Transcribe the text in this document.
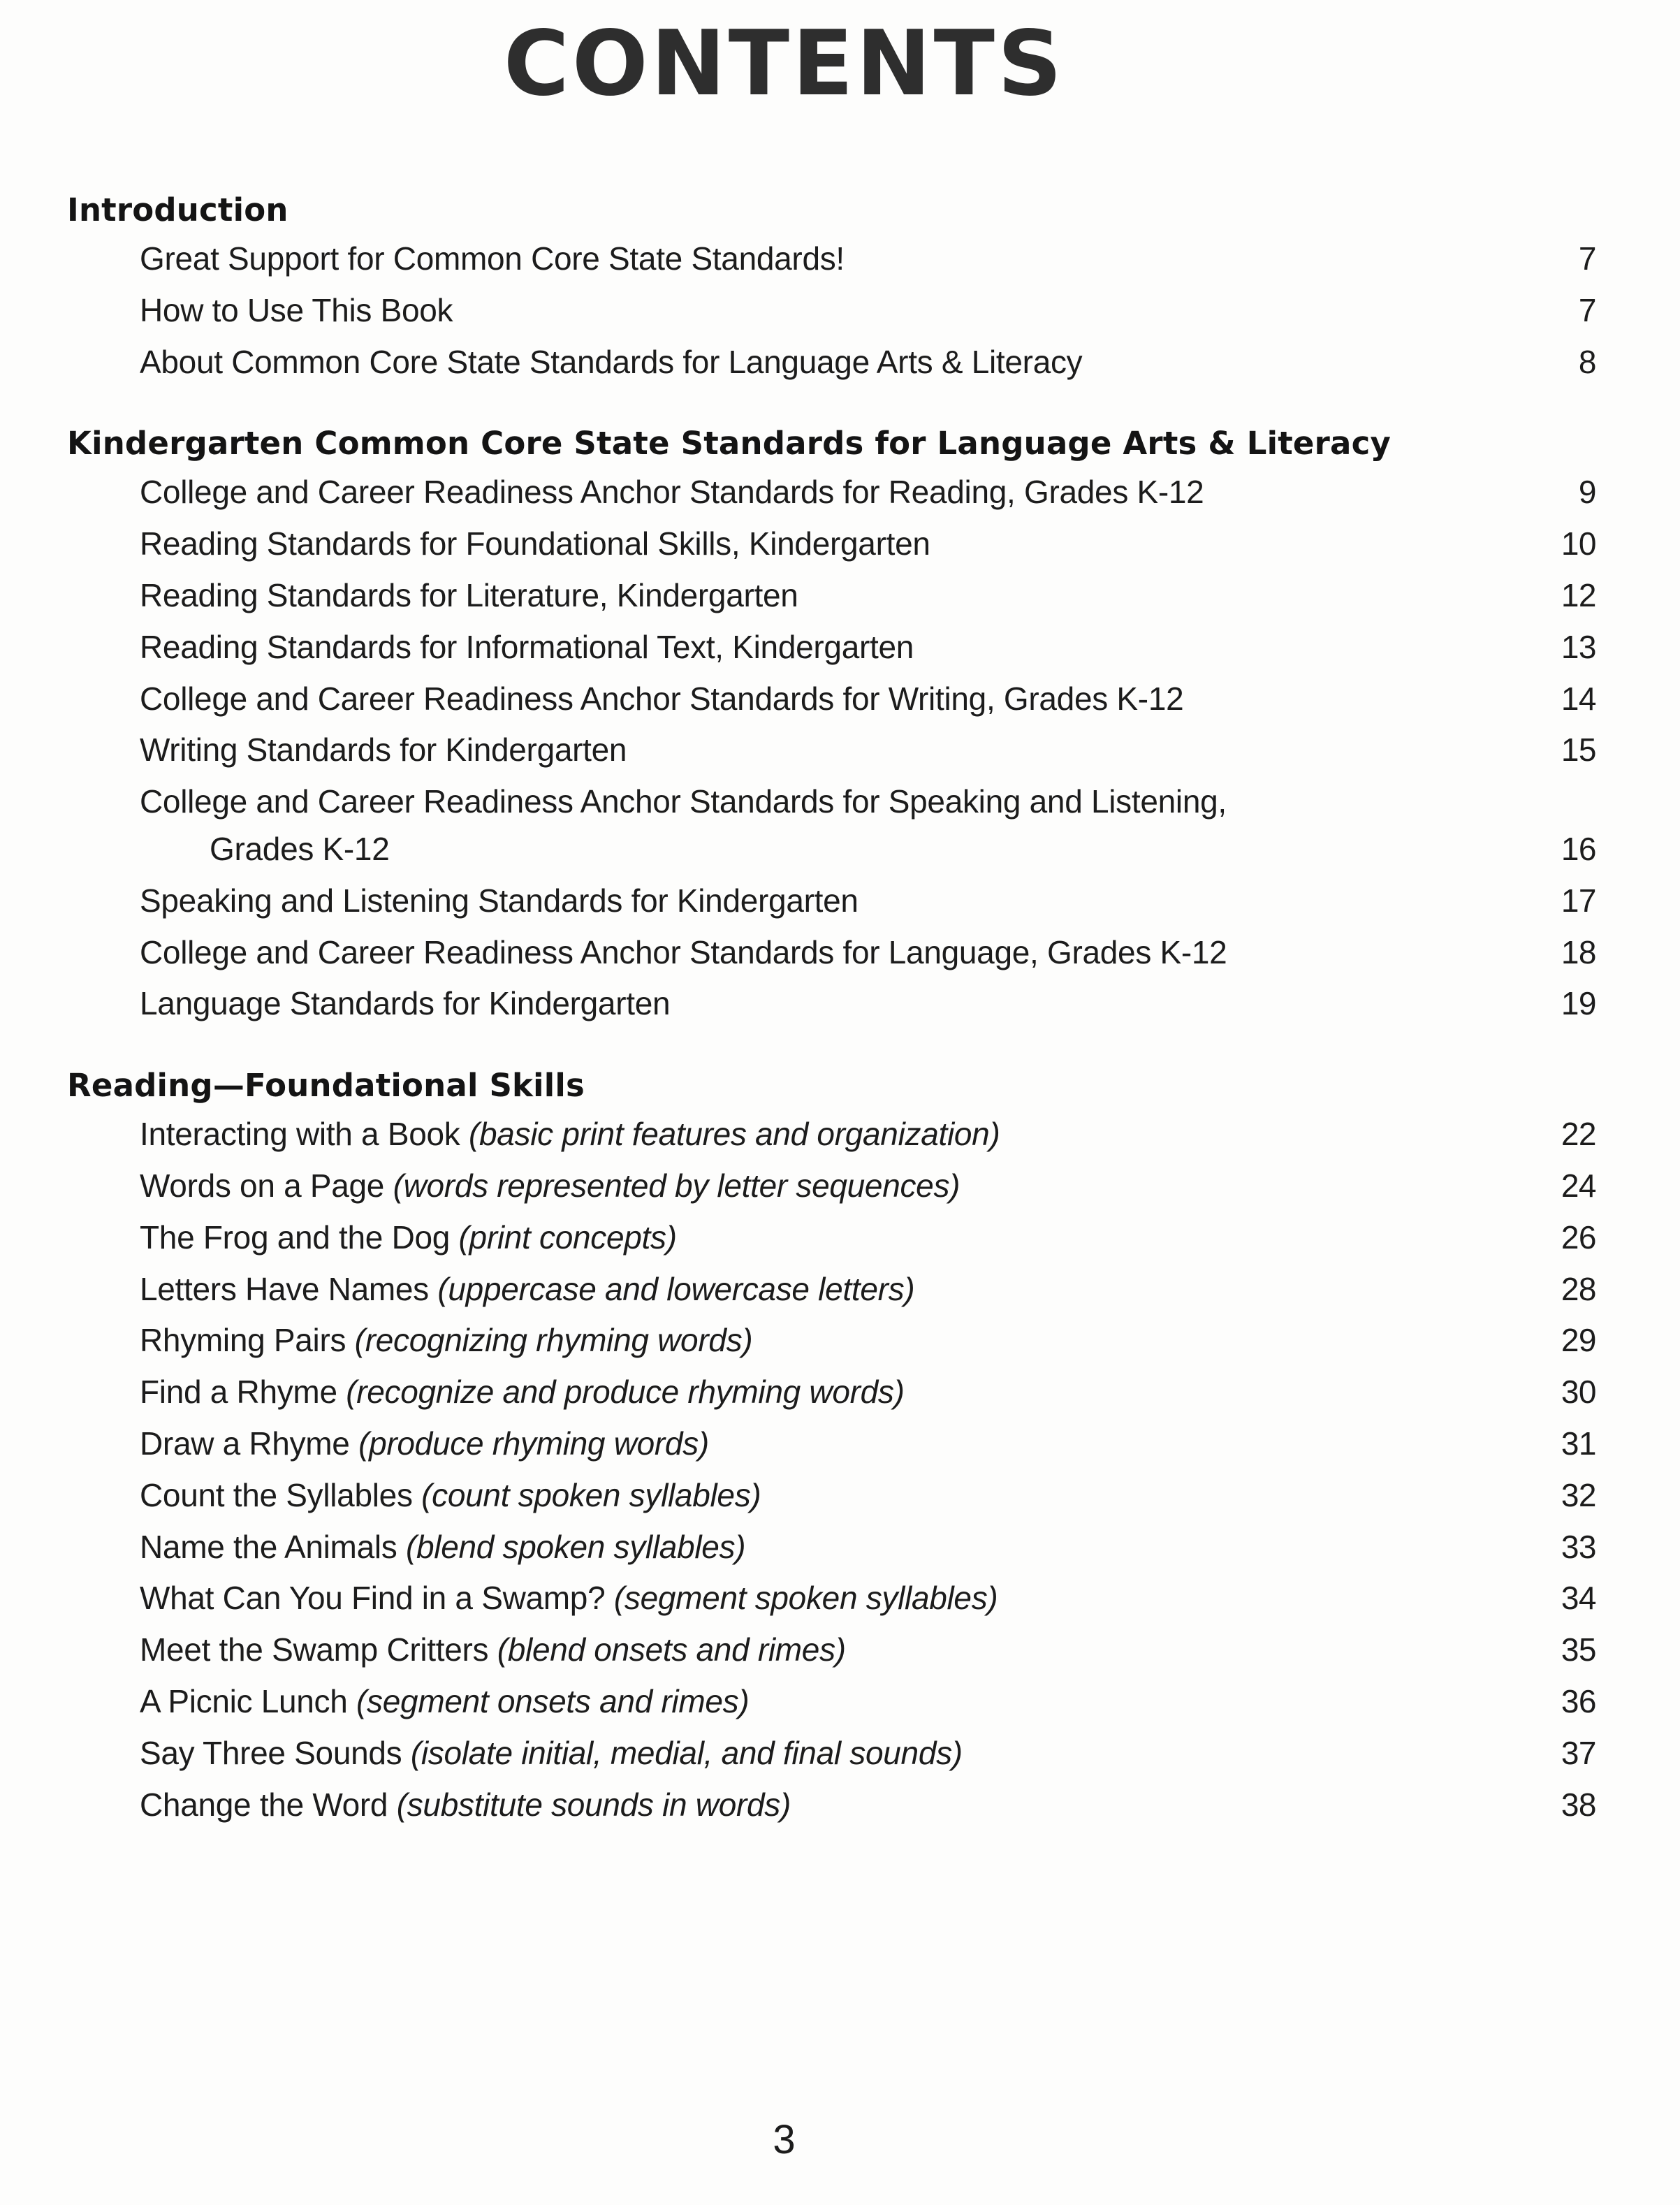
CONTENTS
Introduction
Great Support for Common Core State Standards!	7
How to Use This Book	7
About Common Core State Standards for Language Arts & Literacy	8
Kindergarten Common Core State Standards for Language Arts & Literacy
College and Career Readiness Anchor Standards for Reading, Grades K-12	9
Reading Standards for Foundational Skills, Kindergarten	10
Reading Standards for Literature, Kindergarten	12
Reading Standards for Informational Text, Kindergarten	13
College and Career Readiness Anchor Standards for Writing, Grades K-12	14
Writing Standards for Kindergarten	15
College and Career Readiness Anchor Standards for Speaking and Listening,
Grades K-12	16
Speaking and Listening Standards for Kindergarten	17
College and Career Readiness Anchor Standards for Language, Grades K-12	18
Language Standards for Kindergarten	19
Reading—Foundational Skills
Interacting with a Book (basic print features and organization)	22
Words on a Page (words represented by letter sequences)	24
The Frog and the Dog (print concepts)	26
Letters Have Names (uppercase and lowercase letters)	28
Rhyming Pairs (recognizing rhyming words)	29
Find a Rhyme (recognize and produce rhyming words)	30
Draw a Rhyme (produce rhyming words)	31
Count the Syllables (count spoken syllables)	32
Name the Animals (blend spoken syllables)	33
What Can You Find in a Swamp? (segment spoken syllables)	34
Meet the Swamp Critters (blend onsets and rimes)	35
A Picnic Lunch (segment onsets and rimes)	36
Say Three Sounds (isolate initial, medial, and final sounds)	37
Change the Word (substitute sounds in words)	38
3
